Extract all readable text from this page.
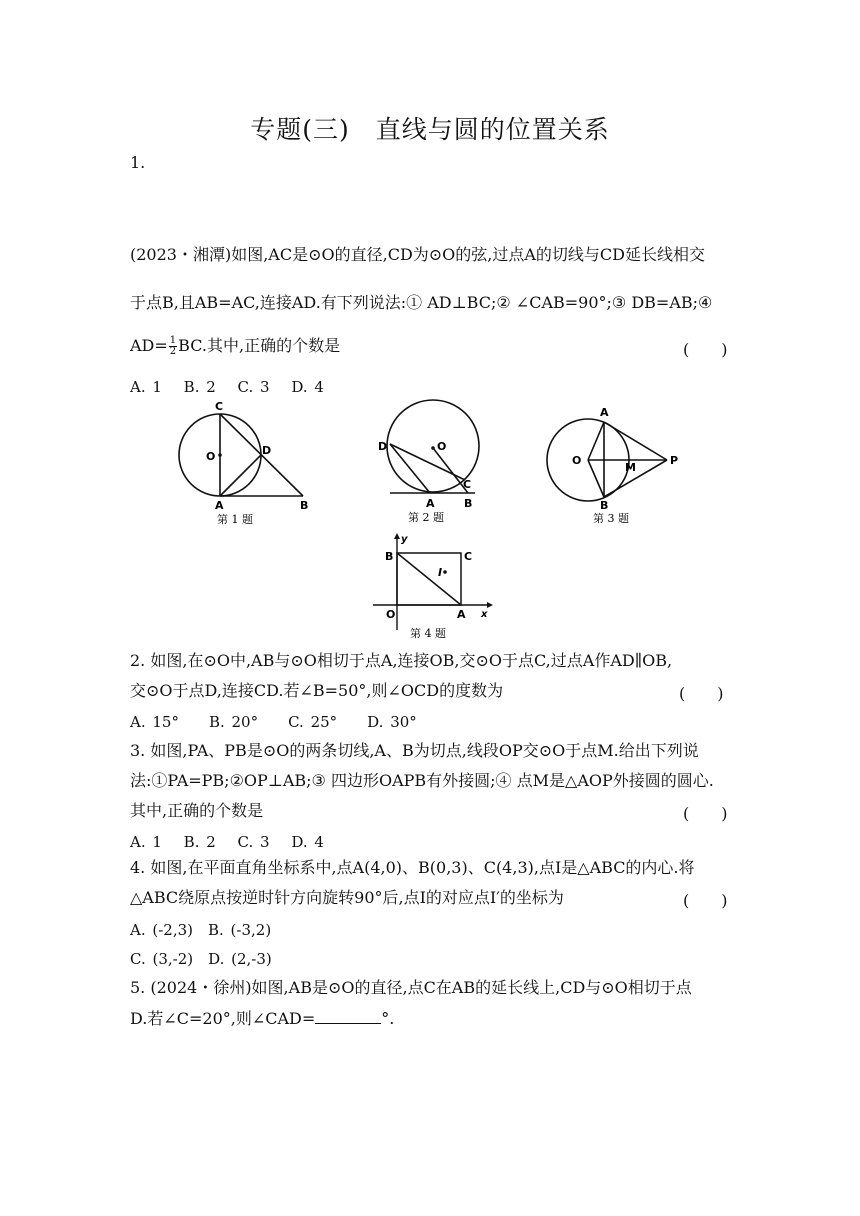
专题(三)　直线与圆的位置关系
1.
(2023・湘潭)如图,AC是⊙O的直径,CD为⊙O的弦,过点A的切线与CD延长线相交
于点B,且AB=AC,连接AD.有下列说法:① AD⊥BC;② ∠CAB=90°;③ DB=AB;④
$AD= \frac{1}{2}$ BC.其中,正确的个数是	(　　)
A. 1　 B. 2　 C. 3　 D. 4
C
O	D
A	B
第 1 题
D	O
A
C
B
第 2 题
A
O
M
P
B
第 3 题
y
B	C
I
O	A x
第 4 题
2. 如图,在⊙O中,AB与⊙O相切于点A,连接OB,交⊙O于点C,过点A作AD∥OB,
交⊙O于点D,连接CD.若∠B=50°,则∠OCD的度数为	(　　)
A. 15°　　B. 20°　　C. 25°　　D. 30°
3. 如图,PA、PB是⊙O的两条切线,A、B为切点,线段OP交⊙O于点M.给出下列说
法:①PA=PB;②OP⊥AB;③ 四边形OAPB有外接圆;④ 点M是△AOP外接圆的圆心.
其中,正确的个数是	(　　)
A. 1　 B. 2　 C. 3　 D. 4
4. 如图,在平面直角坐标系中,点A(4,0)、B(0,3)、C(4,3),点I是△ABC的内心.将
△ABC绕原点按逆时针方向旋转90°后,点I的对应点I′的坐标为	(　　)
A. (-2,3)　B. (-3,2)
C. (3,-2)　D. (2,-3)
5. (2024・徐州)如图,AB是⊙O的直径,点C在AB的延长线上,CD与⊙O相切于点
D.若∠C=20°,则∠CAD=	°.
